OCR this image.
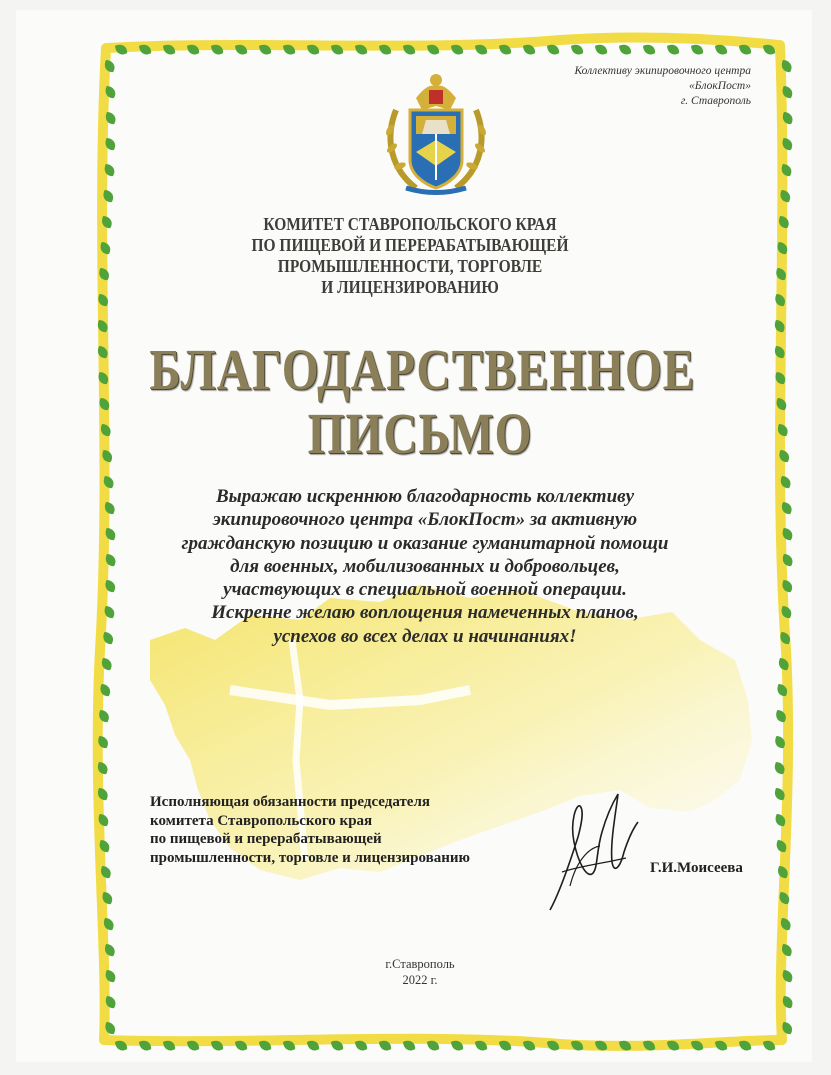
Коллективу экипировочного центра
«БлокПост»
г. Ставрополь
КОМИТЕТ СТАВРОПОЛЬСКОГО КРАЯ
ПО ПИЩЕВОЙ И ПЕРЕРАБАТЫВАЮЩЕЙ
ПРОМЫШЛЕННОСТИ, ТОРГОВЛЕ
И ЛИЦЕНЗИРОВАНИЮ
БЛАГОДАРСТВЕННОЕ
ПИСЬМО
Выражаю искреннюю благодарность коллективу
экипировочного центра «БлокПост» за активную
гражданскую позицию и оказание гуманитарной помощи
для военных, мобилизованных и добровольцев,
участвующих в специальной военной операции.
Искренне желаю воплощения намеченных планов,
успехов во всех делах и начинаниях!
Исполняющая обязанности председателя
комитета Ставропольского края
по пищевой и перерабатывающей
промышленности, торговле и лицензированию
Г.И.Моисеева
г.Ставрополь
2022 г.
